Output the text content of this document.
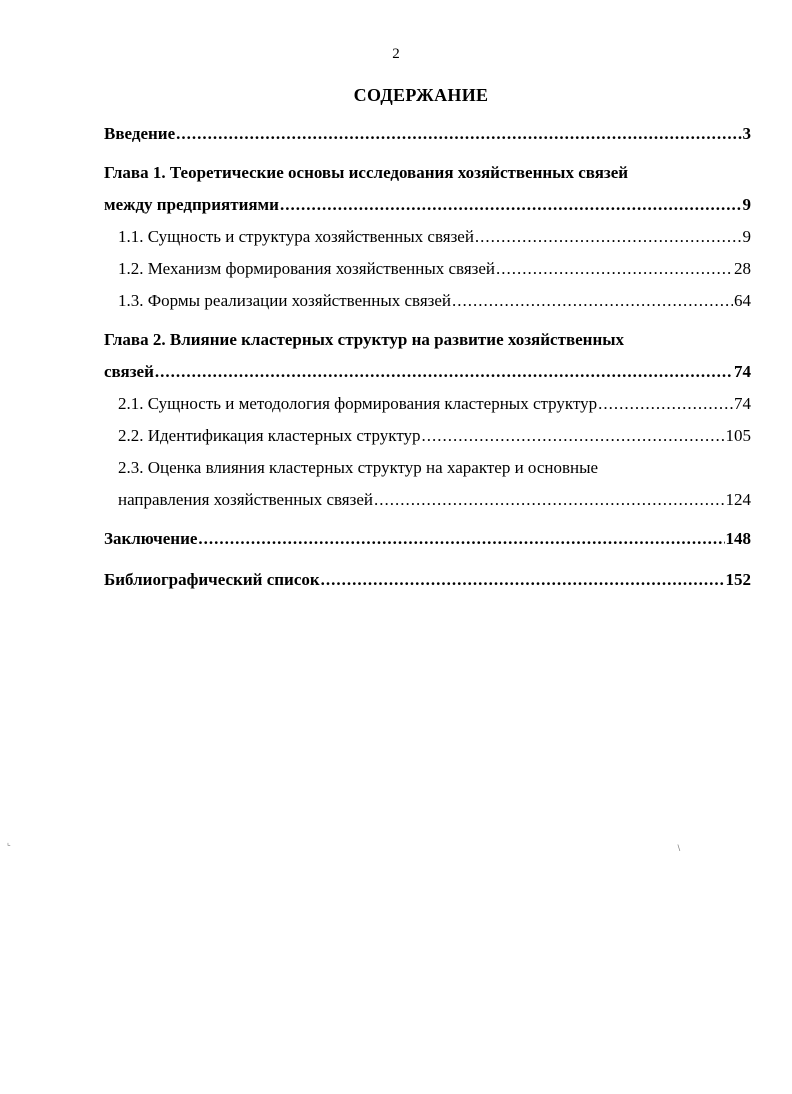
2
СОДЕРЖАНИЕ
Введение .....	3
Глава 1. Теоретические основы исследования хозяйственных связей
между предприятиями .....	9
1.1. Сущность и структура хозяйственных связей .....	9
1.2. Механизм формирования хозяйственных связей .....	28
1.3. Формы реализации хозяйственных связей .....	64
Глава 2. Влияние кластерных структур на развитие хозяйственных
связей .....	74
2.1. Сущность и методология формирования кластерных структур .....	74
2.2. Идентификация кластерных структур .....	105
2.3. Оценка влияния кластерных структур на характер и основные
направления хозяйственных связей .....	124
Заключение .....	148
Библиографический список .....	152
⌞
∖
